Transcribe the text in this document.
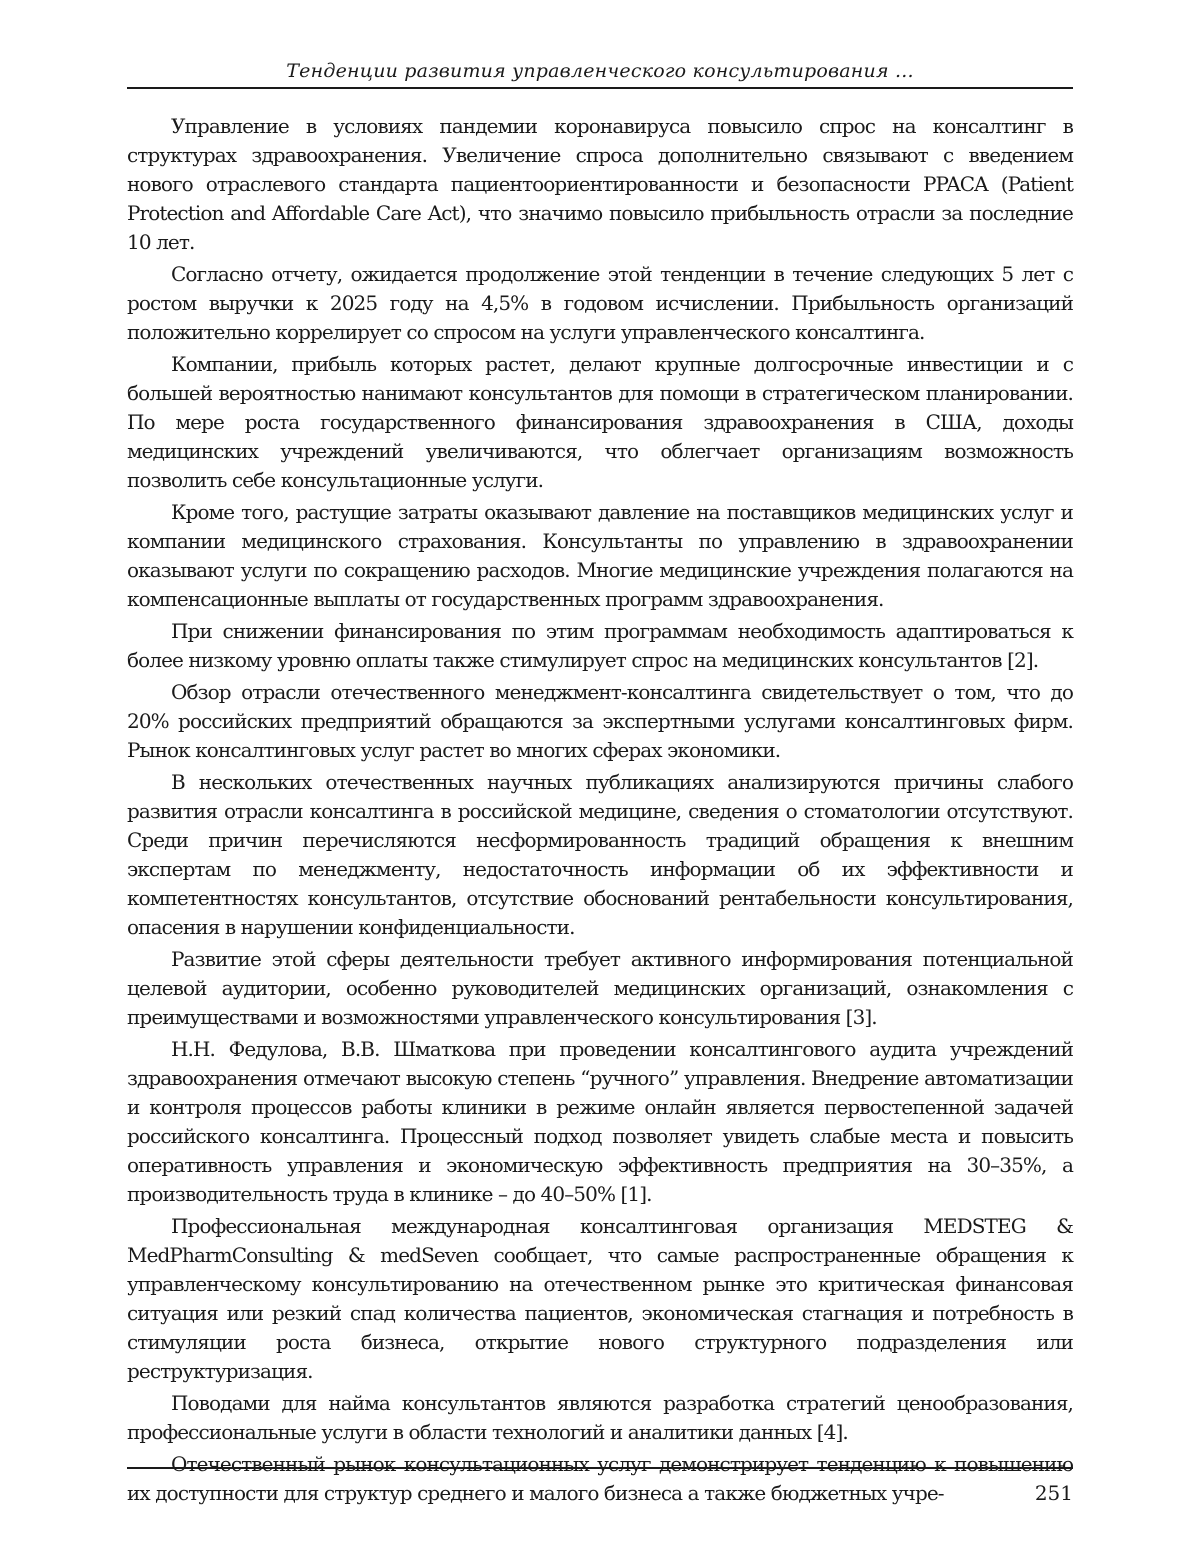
Тенденции развития управленческого консультирования ...

Управление в условиях пандемии коронавируса повысило спрос на консалтинг в структурах здравоохранения. Увеличение спроса дополнительно связывают с введением нового отраслевого стандарта пациентоориентированности и безопасности PPACA (Patient Protection and Affordable Care Act), что значимо повысило прибыльность отрасли за последние 10 лет.

Согласно отчету, ожидается продолжение этой тенденции в течение следующих 5 лет с ростом выручки к 2025 году на 4,5% в годовом исчислении. Прибыльность организаций положительно коррелирует со спросом на услуги управленческого консалтинга.

Компании, прибыль которых растет, делают крупные долгосрочные инвестиции и с большей вероятностью нанимают консультантов для помощи в стратегическом планировании. По мере роста государственного финансирования здравоохранения в США, доходы медицинских учреждений увеличиваются, что облегчает организациям возможность позволить себе консультационные услуги.

Кроме того, растущие затраты оказывают давление на поставщиков медицинских услуг и компании медицинского страхования. Консультанты по управлению в здравоохранении оказывают услуги по сокращению расходов. Многие медицинские учреждения полагаются на компенсационные выплаты от государственных программ здравоохранения.

При снижении финансирования по этим программам необходимость адаптироваться к более низкому уровню оплаты также стимулирует спрос на медицинских консультантов [2].

Обзор отрасли отечественного менеджмент-консалтинга свидетельствует о том, что до 20% российских предприятий обращаются за экспертными услугами консалтинговых фирм. Рынок консалтинговых услуг растет во многих сферах экономики.

В нескольких отечественных научных публикациях анализируются причины слабого развития отрасли консалтинга в российской медицине, сведения о стоматологии отсутствуют. Среди причин перечисляются несформированность традиций обращения к внешним экспертам по менеджменту, недостаточность информации об их эффективности и компетентностях консультантов, отсутствие обоснований рентабельности консультирования, опасения в нарушении конфиденциальности.

Развитие этой сферы деятельности требует активного информирования потенциальной целевой аудитории, особенно руководителей медицинских организаций, ознакомления с преимуществами и возможностями управленческого консультирования [3].

Н.Н. Федулова, В.В. Шматкова при проведении консалтингового аудита учреждений здравоохранения отмечают высокую степень “ручного” управления. Внедрение автоматизации и контроля процессов работы клиники в режиме онлайн является первостепенной задачей российского консалтинга. Процессный подход позволяет увидеть слабые места и повысить оперативность управления и экономическую эффективность предприятия на 30–35%, а производительность труда в клинике – до 40–50% [1].

Профессиональная международная консалтинговая организация MEDSTEG & MedPharmConsulting & medSeven сообщает, что самые распространенные обращения к управленческому консультированию на отечественном рынке это критическая финансовая ситуация или резкий спад количества пациентов, экономическая стагнация и потребность в стимуляции роста бизнеса, открытие нового структурного подразделения или реструктуризация.

Поводами для найма консультантов являются разработка стратегий ценообразования, профессиональные услуги в области технологий и аналитики данных [4].

Отечественный рынок консультационных услуг демонстрирует тенденцию к повышению их доступности для структур среднего и малого бизнеса а также бюджетных учре-	251
